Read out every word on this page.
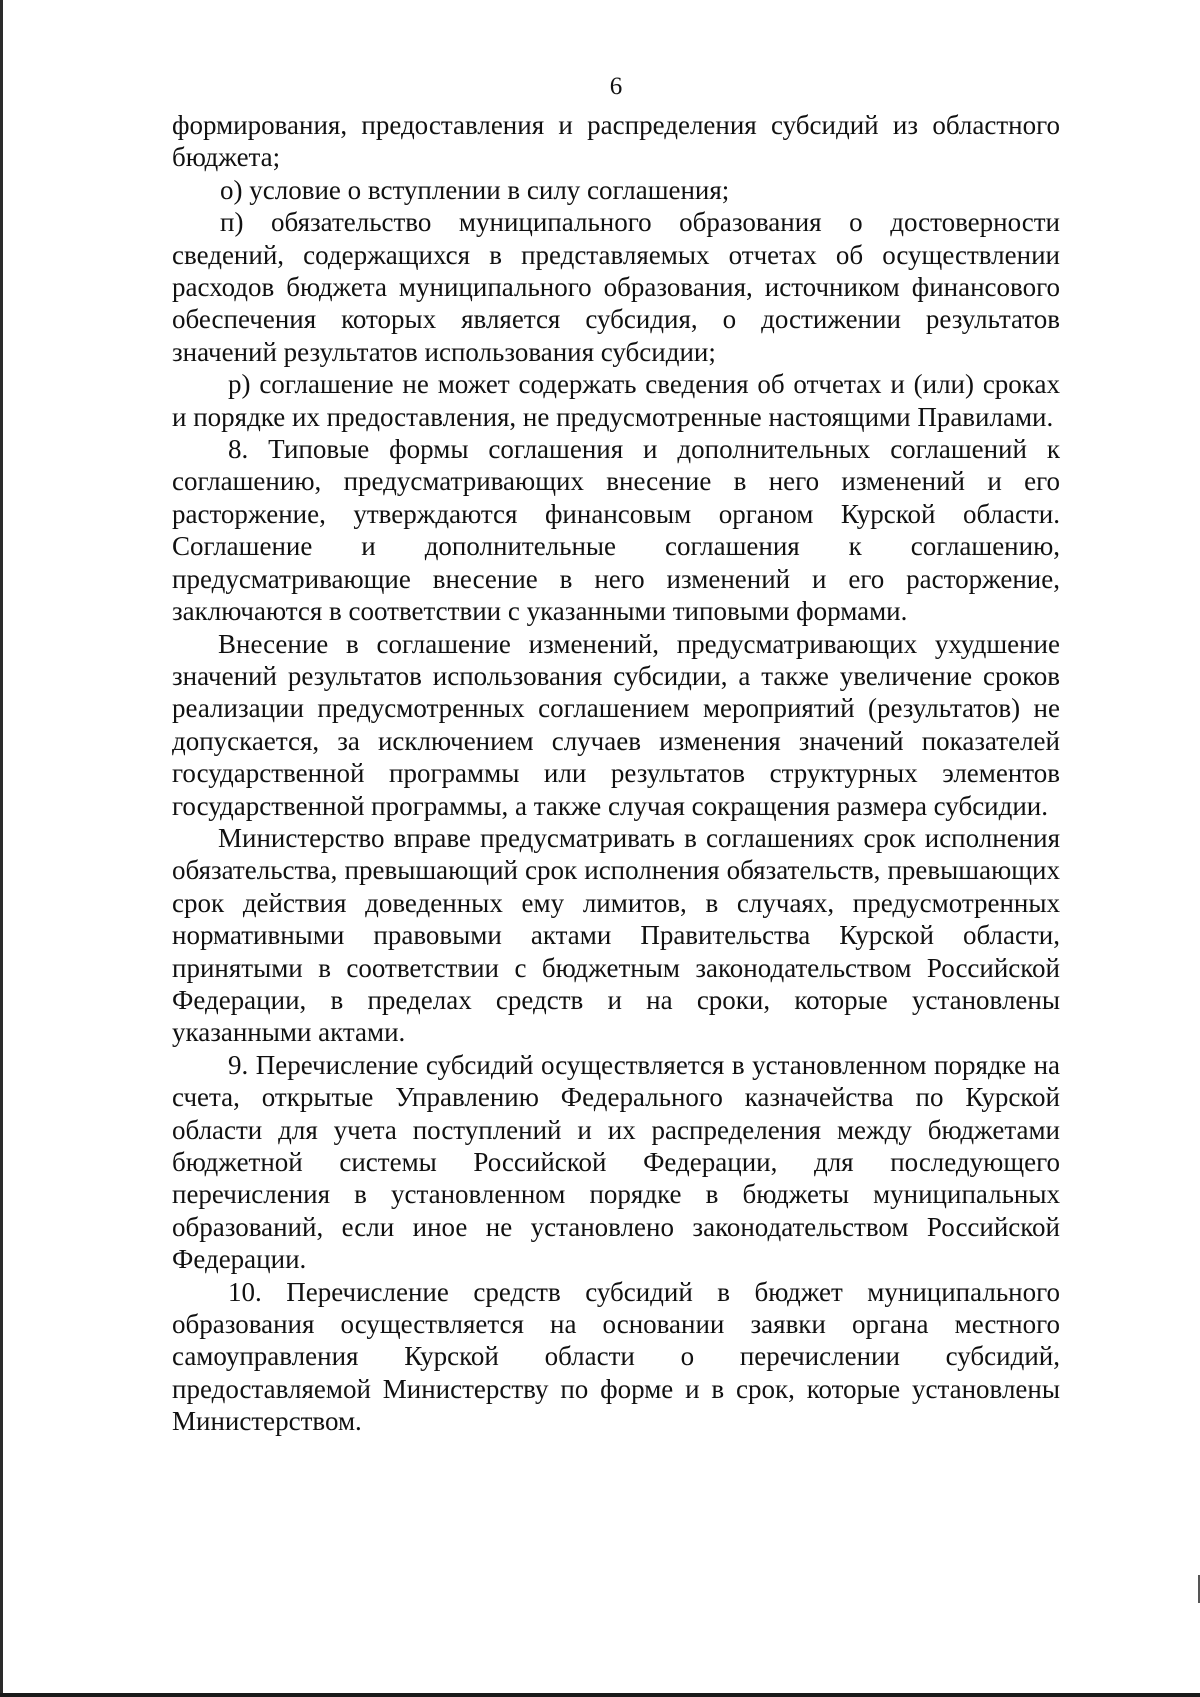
6

формирования, предоставления и распределения субсидий из областного бюджета;

о) условие о вступлении в силу соглашения;

п) обязательство муниципального образования о достоверности сведений, содержащихся в представляемых отчетах об осуществлении расходов бюджета муниципального образования, источником финансового обеспечения которых является субсидия, о достижении результатов значений результатов использования субсидии;

р) соглашение не может содержать сведения об отчетах и (или) сроках и порядке их предоставления, не предусмотренные настоящими Правилами.

8. Типовые формы соглашения и дополнительных соглашений к соглашению, предусматривающих внесение в него изменений и его расторжение, утверждаются финансовым органом Курской области. Соглашение и дополнительные соглашения к соглашению, предусматривающие внесение в него изменений и его расторжение, заключаются в соответствии с указанными типовыми формами.

Внесение в соглашение изменений, предусматривающих ухудшение значений результатов использования субсидии, а также увеличение сроков реализации предусмотренных соглашением мероприятий (результатов) не допускается, за исключением случаев изменения значений показателей государственной программы или результатов структурных элементов государственной программы, а также случая сокращения размера субсидии.

Министерство вправе предусматривать в соглашениях срок исполнения обязательства, превышающий срок исполнения обязательств, превышающих срок действия доведенных ему лимитов, в случаях, предусмотренных нормативными правовыми актами Правительства Курской области, принятыми в соответствии с бюджетным законодательством Российской Федерации, в пределах средств и на сроки, которые установлены указанными актами.

9. Перечисление субсидий осуществляется в установленном порядке на счета, открытые Управлению Федерального казначейства по Курской области для учета поступлений и их распределения между бюджетами бюджетной системы Российской Федерации, для последующего перечисления в установленном порядке в бюджеты муниципальных образований, если иное не установлено законодательством Российской Федерации.

10. Перечисление средств субсидий в бюджет муниципального образования осуществляется на основании заявки органа местного самоуправления Курской области о перечислении субсидий, предоставляемой Министерству по форме и в срок, которые установлены Министерством.
